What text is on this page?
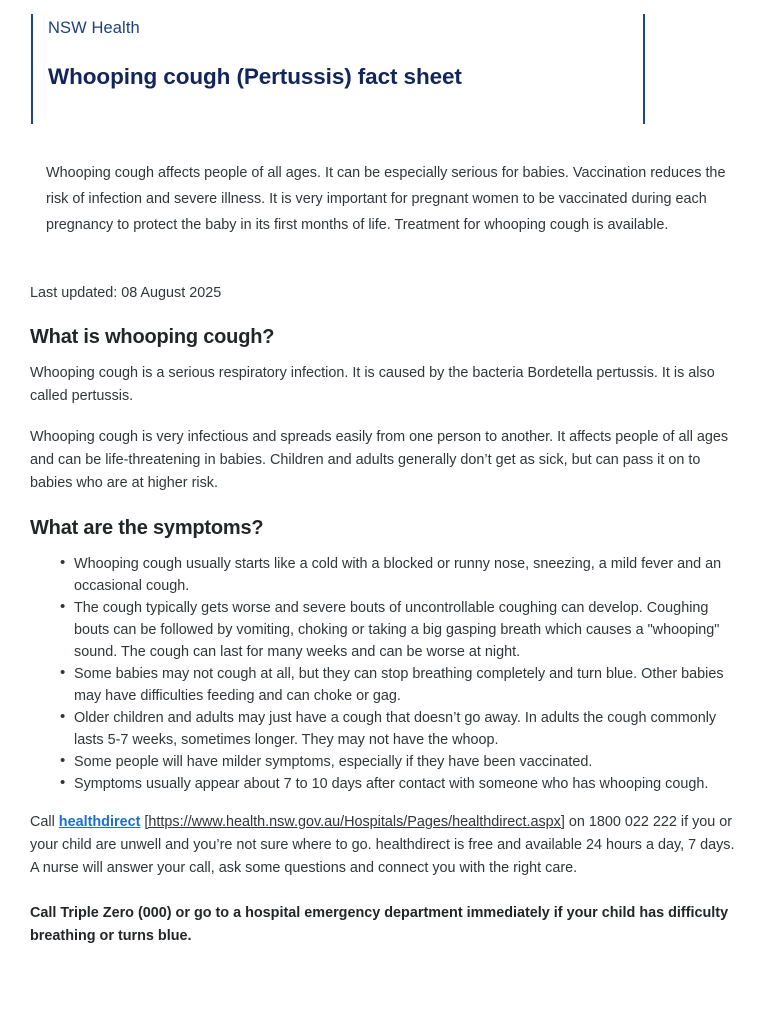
NSW Health
Whooping cough (Pertussis) fact sheet

Whooping cough affects people of all ages. It can be especially serious for babies. Vaccination reduces the risk of infection and severe illness. It is very important for pregnant women to be vaccinated during each pregnancy to protect the baby in its first months of life. Treatment for whooping cough is available.

Last updated: 08 August 2025
What is whooping cough?

Whooping cough is a serious respiratory infection. It is caused by the bacteria Bordetella pertussis. It is also called pertussis.

Whooping cough is very infectious and spreads easily from one person to another. It affects people of all ages and can be life-threatening in babies. Children and adults generally don’t get as sick, but can pass it on to babies who are at higher risk.

What are the symptoms?
• Whooping cough usually starts like a cold with a blocked or runny nose, sneezing, a mild fever and an occasional cough.
• The cough typically gets worse and severe bouts of uncontrollable coughing can develop. Coughing bouts can be followed by vomiting, choking or taking a big gasping breath which causes a "whooping" sound. The cough can last for many weeks and can be worse at night.
• Some babies may not cough at all, but they can stop breathing completely and turn blue. Other babies may have difficulties feeding and can choke or gag.
• Older children and adults may just have a cough that doesn’t go away. In adults the cough commonly lasts 5-7 weeks, sometimes longer. They may not have the whoop.
• Some people will have milder symptoms, especially if they have been vaccinated.
• Symptoms usually appear about 7 to 10 days after contact with someone who has whooping cough.

Call healthdirect [https://www.health.nsw.gov.au/Hospitals/Pages/healthdirect.aspx] on 1800 022 222 if you or your child are unwell and you’re not sure where to go. healthdirect is free and available 24 hours a day, 7 days. A nurse will answer your call, ask some questions and connect you with the right care.

Call Triple Zero (000) or go to a hospital emergency department immediately if your child has difficulty breathing or turns blue.
